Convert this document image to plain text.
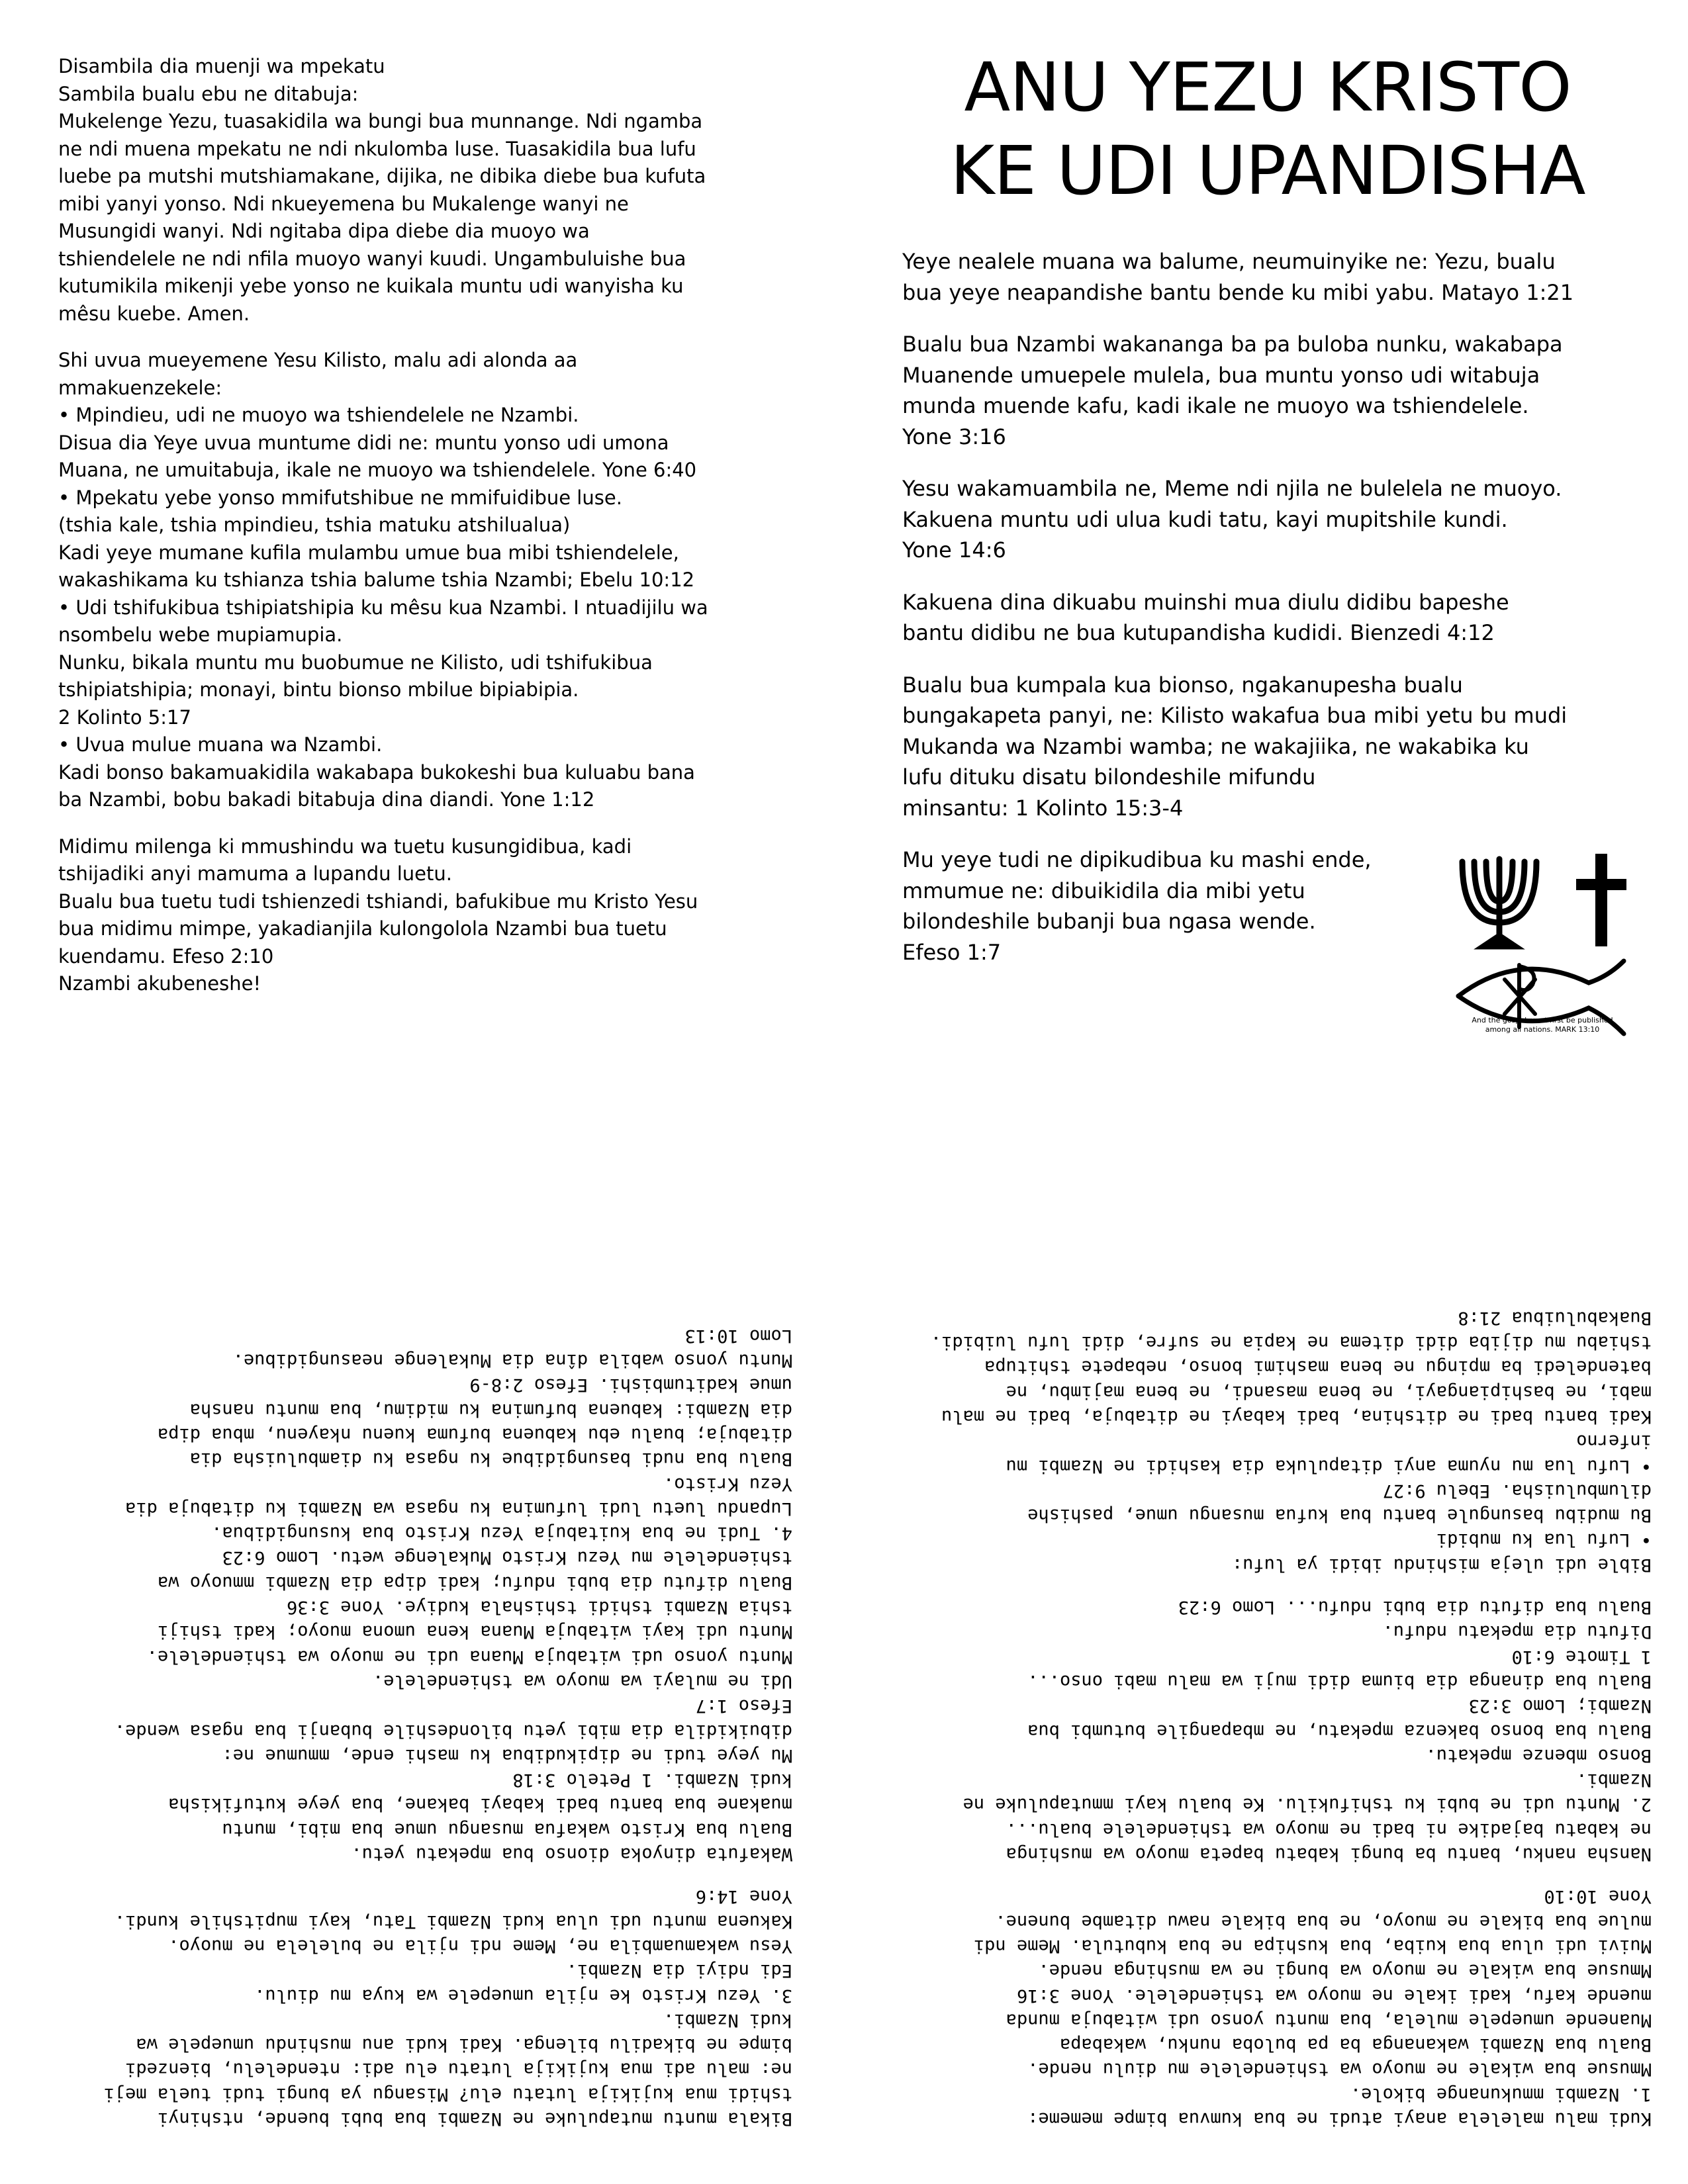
Disambila dia muenji wa mpekatu
Sambila bualu ebu ne ditabuja:
Mukelenge Yezu, tuasakidila wa bungi bua munnange. Ndi ngamba
ne ndi muena mpekatu ne ndi nkulomba luse. Tuasakidila bua lufu
luebe pa mutshi mutshiamakane, dijika, ne dibika diebe bua kufuta
mibi yanyi yonso. Ndi nkueyemena bu Mukalenge wanyi ne
Musungidi wanyi. Ndi ngitaba dipa diebe dia muoyo wa
tshiendelele ne ndi nfila muoyo wanyi kuudi. Ungambuluishe bua
kutumikila mikenji yebe yonso ne kuikala muntu udi wanyisha ku
mêsu kuebe. Amen.
Shi uvua mueyemene Yesu Kilisto, malu adi alonda aa
mmakuenzekele:
• Mpindieu, udi ne muoyo wa tshiendelele ne Nzambi.
Disua dia Yeye uvua muntume didi ne: muntu yonso udi umona
Muana, ne umuitabuja, ikale ne muoyo wa tshiendelele. Yone 6:40
• Mpekatu yebe yonso mmifutshibue ne mmifuidibue luse.
(tshia kale, tshia mpindieu, tshia matuku atshilualua)
Kadi yeye mumane kufila mulambu umue bua mibi tshiendelele,
wakashikama ku tshianza tshia balume tshia Nzambi; Ebelu 10:12
• Udi tshifukibua tshipiatshipia ku mêsu kua Nzambi. I ntuadijilu wa
nsombelu webe mupiamupia.
Nunku, bikala muntu mu buobumue ne Kilisto, udi tshifukibua
tshipiatshipia; monayi, bintu bionso mbilue bipiabipia.
2 Kolinto 5:17
• Uvua mulue muana wa Nzambi.
Kadi bonso bakamuakidila wakabapa bukokeshi bua kuluabu bana
ba Nzambi, bobu bakadi bitabuja dina diandi. Yone 1:12
Midimu milenga ki mmushindu wa tuetu kusungidibua, kadi
tshijadiki anyi mamuma a lupandu luetu.
Bualu bua tuetu tudi tshienzedi tshiandi, bafukibue mu Kristo Yesu
bua midimu mimpe, yakadianjila kulongolola Nzambi bua tuetu
kuendamu. Efeso 2:10
Nzambi akubeneshe!
ANU YEZU KRISTO
KE UDI UPANDISHA
Yeye nealele muana wa balume, neumuinyike ne: Yezu, bualu
bua yeye neapandishe bantu bende ku mibi yabu. Matayo 1:21
Bualu bua Nzambi wakananga ba pa buloba nunku, wakabapa
Muanende umuepele mulela, bua muntu yonso udi witabuja
munda muende kafu, kadi ikale ne muoyo wa tshiendelele.
Yone 3:16
Yesu wakamuambila ne, Meme ndi njila ne bulelela ne muoyo.
Kakuena muntu udi ulua kudi tatu, kayi mupitshile kundi.
Yone 14:6
Kakuena dina dikuabu muinshi mua diulu didibu bapeshe
bantu didibu ne bua kutupandisha kudidi. Bienzedi 4:12
Bualu bua kumpala kua bionso, ngakanupesha bualu
bungakapeta panyi, ne: Kilisto wakafua bua mibi yetu bu mudi
Mukanda wa Nzambi wamba; ne wakajiika, ne wakabika ku
lufu dituku disatu bilondeshile mifundu
minsantu: 1 Kolinto 15:3-4
Mu yeye tudi ne dipikudibua ku mashi ende,
mmumue ne: dibuikidila dia mibi yetu
bilondeshile bubanji bua ngasa wende.
Efeso 1:7
And the gospel must first be published
among all nations. MARK 13:10
Bikala muntu mutapuluke ne Nzambi bua bubi buende, ntshinyi
tshidi mua kujikija lutatu elu? Misangu ya bungi tudi tuela meji
ne: malu adi mua kujikija lutatu elu adi: ntendelelu, bienzedi
bimpe ne bikadilu bilenga. Kadi kudi anu mushindu umuepele wa
kudi Nzambi.
3. Yezu Kristo ke njila umuepele wa kuya mu diulu.
Edi ndiyi dia Nzambi.
Yesu wakamuambila ne, Meme ndi njila ne bulelela ne muoyo.
Kakuena muntu udi ulua kudi Nzambi Tatu, kayi mupitshile kundi.
Yone 14:6
Wakafuta dinyoka dionso bua mpekatu yetu.
Bualu bua Kristo wakafua musangu umue bua mibi, muntu
muakane bua bantu badi kabayi bakane, bua yeye kutufikisha
kudi Nzambi. 1 Petelo 3:18
Mu yeye tudi ne dipikudibua ku mashi ende, mmumue ne:
dibuikidila dia mibi yetu bilondeshile bubanji bua ngasa wende.
Efeso 1:7
Udi ne mulayi wa muoyo wa tshiendelele.
Muntu yonso udi witabuja Muana udi ne muoyo wa tshiendelele.
Muntu udi kayi witabuja Muana kena umona muoyo; kadi tshiji
tshia Nzambi tshidi tshishala kudiye. Yone 3:36
Bualu difutu dia bubi ndufu; kadi dipa dia Nzambi mmuoyo wa
tshiendelele mu Yezu Kristo Mukalenge wetu. Lomo 6:23
4. Tudi ne bua kuitabuja Yezu Kristo bua kusungidibua.
Lupandu luetu ludi lufumina ku ngasa wa Nzambi ku ditabuja dia
Yezu Kristo.
Bualu bua nudi basungidibue ku ngasa ku diambuluisha dia
ditabuja; bualu ebu kabuena bufuma kuenu nkayenu, mbua dipa
dia Nzambi: kabuena bufumina ku midimu, bua muntu nansha
umue kaditumbishi. Efeso 2:8-9
Muntu yonso wabila dîna dia Mukalenge neasungidibue.
Lomo 10:13
Kudi malu malelela anayi atudi ne bua kumvua bimpe mememe:
1. Nzambi mmukunange bikole.
Mmusue bua wikale ne muoyo wa tshiendelele mu diulu nende.
Bualu bua Nzambi wakananga ba pa buloba nunku, wakabapa
Muanende umuepele mulela, bua muntu yonso udi witabuja munda
muende kafu, kadi ikale ne muoyo wa tshiendelele. Yone 3:16
Mmusue bua wikale ne muoyo wa bungi ne wa mushinga nende.
Muivi udi ulua bua kuiba, bua kushipa ne bua kubutula. Meme ndi
mulue bua bikale ne muoyo, ne bua bikale nawu ditambe bunene.
Yone 10:10
Nansha nanku, bantu ba bungi kabatu bapeta muoyo wa mushinga
ne kabatu bajadike ni badi ne muoyo wa tshiendelele bualu...
2. Muntu udi ne bubi ku tshifukilu. Ke bualu kayi mmutapuluke ne
Nzambi.
Bonso mbenze mpekatu.
Bualu bua bonso bakenza mpekatu, ne mbapangile butumbi bua
Nzambi; Lomo 3:23
Bualu bua dinanga dia biuma didi muji wa malu mabi onso...
1 Timote 6:10
Difutu dia mpekatu ndufu.
Bualu bua difutu dia bubi ndufu... Lomo 6:23
Bible udi uleja mishindu ibidi ya lufu:
• Lufu lua ku mubidi
Bu mudibu basungule bantu bua kufua musangu umue, pashishe
dilumbuluisha. Ebelu 9:27
• Lufu lua mu nyuma anyi ditapuluka dia kashidi ne Nzambi mu
inferno
Kadi bantu badi ne ditshina, badi kabayi ne ditabuja, badi ne malu
mabi, ne bashipiangayi, ne bena masandi, ne bena majimbu, ne
batendeledi ba mpingu ne bena mashimi bonso, nebapete tshitupa
tshiabu mu dijiba didi ditema ne kapia ne sufre, didi lufu luibidi.
Buakabuluibua 21:8
